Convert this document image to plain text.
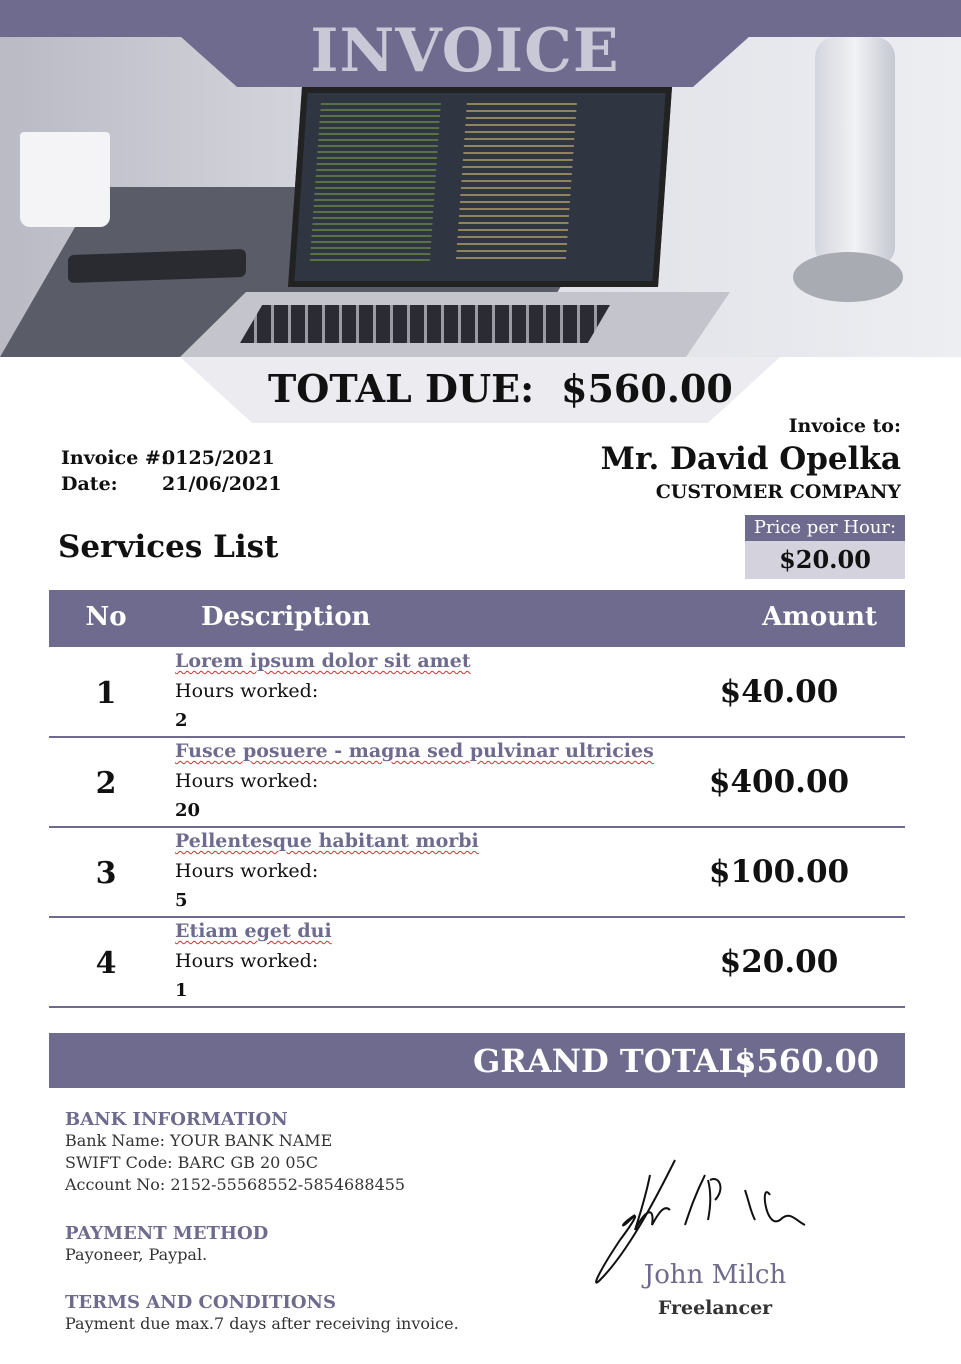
INVOICE
TOTAL DUE: $560.00
Invoice #:
0125/2021
Date: 21/06/2021
Invoice to:
Mr. David Opelka
CUSTOMER COMPANY
Services List
Price per Hour:
$20.00
No	Description	Amount
1
Lorem ipsum dolor sit amet
Hours worked:
2
$40.00
2
Fusce posuere - magna sed pulvinar ultricies
Hours worked:
20
$400.00
3
Pellentesque habitant morbi
Hours worked:
5
$100.00
4
Etiam eget dui
Hours worked:
1
$20.00
GRAND TOTAL:
$560.00
BANK INFORMATION
Bank Name: YOUR BANK NAME
SWIFT Code: BARC GB 20 05C
Account No: 2152-55568552-5854688455
PAYMENT METHOD
Payoneer, Paypal.
TERMS AND CONDITIONS
Payment due max.7 days after receiving invoice.
John Milch
Freelancer
